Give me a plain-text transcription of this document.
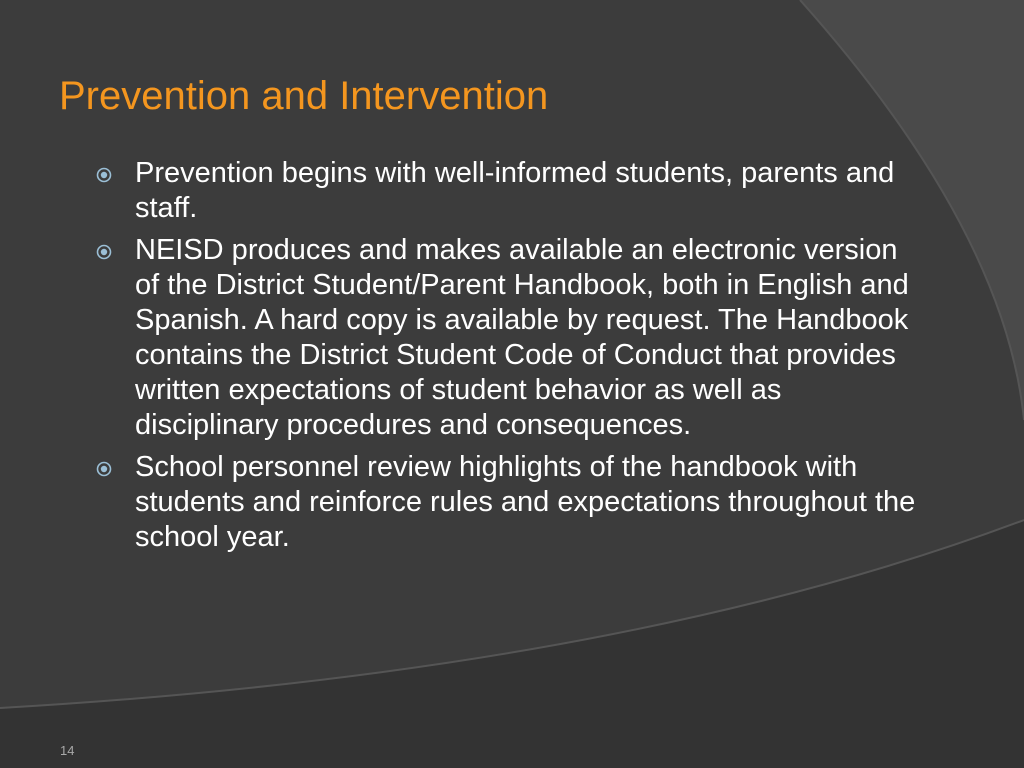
Prevention and Intervention
Prevention begins with well-informed students, parents and staff.
NEISD produces and makes available an electronic version of the District Student/Parent Handbook, both in English and Spanish. A hard copy is available by request. The Handbook contains the District Student Code of Conduct that provides written expectations of student behavior as well as disciplinary procedures and consequences.
School personnel review highlights of the handbook with students and reinforce rules and expectations throughout the school year.
14
